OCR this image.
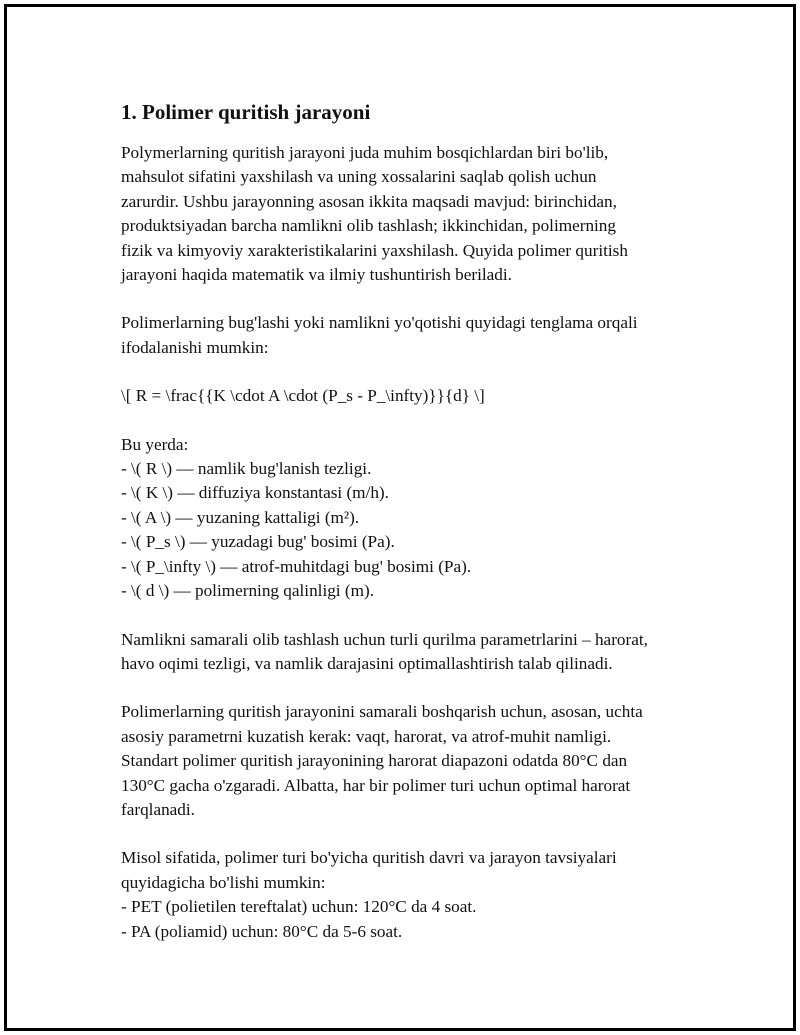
1. Polimer quritish jarayoni

Polymerlarning quritish jarayoni juda muhim bosqichlardan biri bo'lib,
mahsulot sifatini yaxshilash va uning xossalarini saqlab qolish uchun
zarurdir. Ushbu jarayonning asosan ikkita maqsadi mavjud: birinchidan,
produktsiyadan barcha namlikni olib tashlash; ikkinchidan, polimerning
fizik va kimyoviy xarakteristikalarini yaxshilash. Quyida polimer quritish
jarayoni haqida matematik va ilmiy tushuntirish beriladi.

Polimerlarning bug'lashi yoki namlikni yo'qotishi quyidagi tenglama orqali
ifodalanishi mumkin:

\[ R = \frac{{K \cdot A \cdot (P_s - P_\infty)}}{d} \]

Bu yerda:
- \( R \) — namlik bug'lanish tezligi.
- \( K \) — diffuziya konstantasi (m/h).
- \( A \) — yuzaning kattaligi (m²).
- \( P_s \) — yuzadagi bug' bosimi (Pa).
- \( P_\infty \) — atrof-muhitdagi bug' bosimi (Pa).
- \( d \) — polimerning qalinligi (m).

Namlikni samarali olib tashlash uchun turli qurilma parametrlarini – harorat,
havo oqimi tezligi, va namlik darajasini optimallashtirish talab qilinadi.

Polimerlarning quritish jarayonini samarali boshqarish uchun, asosan, uchta
asosiy parametrni kuzatish kerak: vaqt, harorat, va atrof-muhit namligi.
Standart polimer quritish jarayonining harorat diapazoni odatda 80°C dan
130°C gacha o'zgaradi. Albatta, har bir polimer turi uchun optimal harorat
farqlanadi.

Misol sifatida, polimer turi bo'yicha quritish davri va jarayon tavsiyalari
quyidagicha bo'lishi mumkin:
- PET (polietilen tereftalat) uchun: 120°C da 4 soat.
- PA (poliamid) uchun: 80°C da 5-6 soat.
